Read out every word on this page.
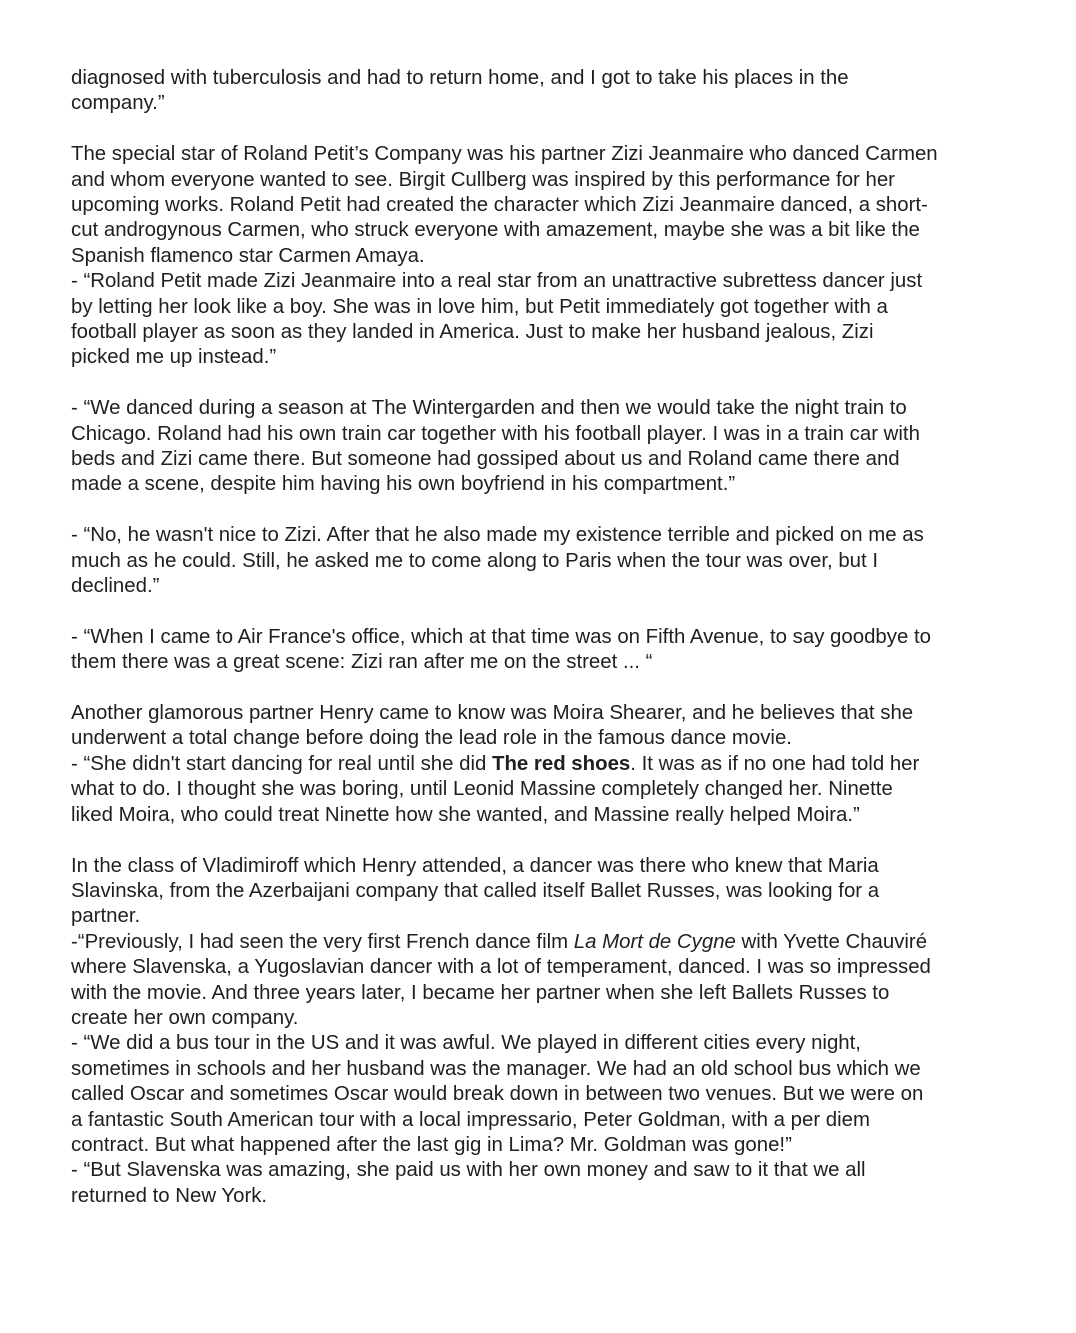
diagnosed with tuberculosis and had to return home, and I got to take his places in the
company.”
The special star of Roland Petit’s Company was his partner Zizi Jeanmaire who danced Carmen
and whom everyone wanted to see. Birgit Cullberg was inspired by this performance for her
upcoming works. Roland Petit had created the character which Zizi Jeanmaire danced, a short-
cut androgynous Carmen, who struck everyone with amazement, maybe she was a bit like the
Spanish flamenco star Carmen Amaya.
- “Roland Petit made Zizi Jeanmaire into a real star from an unattractive subrettess dancer just
by letting her look like a boy. She was in love him, but Petit immediately got together with a
football player as soon as they landed in America. Just to make her husband jealous, Zizi
picked me up instead.”
- “We danced during a season at The Wintergarden and then we would take the night train to
Chicago. Roland had his own train car together with his football player. I was in a train car with
beds and Zizi came there. But someone had gossiped about us and Roland came there and
made a scene, despite him having his own boyfriend in his compartment.”
- “No, he wasn't nice to Zizi. After that he also made my existence terrible and picked on me as
much as he could. Still, he asked me to come along to Paris when the tour was over, but I
declined.”
- “When I came to Air France's office, which at that time was on Fifth Avenue, to say goodbye to
them there was a great scene: Zizi ran after me on the street ... “
Another glamorous partner Henry came to know was Moira Shearer, and he believes that she
underwent a total change before doing the lead role in the famous dance movie.
- “She didn't start dancing for real until she did The red shoes. It was as if no one had told her
what to do. I thought she was boring, until Leonid Massine completely changed her. Ninette
liked Moira, who could treat Ninette how she wanted, and Massine really helped Moira.”
In the class of Vladimiroff which Henry attended, a dancer was there who knew that Maria
Slavinska, from the Azerbaijani company that called itself Ballet Russes, was looking for a
partner.
-“Previously, I had seen the very first French dance film La Mort de Cygne with Yvette Chauviré
where Slavenska, a Yugoslavian dancer with a lot of temperament, danced. I was so impressed
with the movie. And three years later, I became her partner when she left Ballets Russes to
create her own company.
- “We did a bus tour in the US and it was awful. We played in different cities every night,
sometimes in schools and her husband was the manager. We had an old school bus which we
called Oscar and sometimes Oscar would break down in between two venues. But we were on
a fantastic South American tour with a local impressario, Peter Goldman, with a per diem
contract. But what happened after the last gig in Lima? Mr. Goldman was gone!”
- “But Slavenska was amazing, she paid us with her own money and saw to it that we all
returned to New York.
